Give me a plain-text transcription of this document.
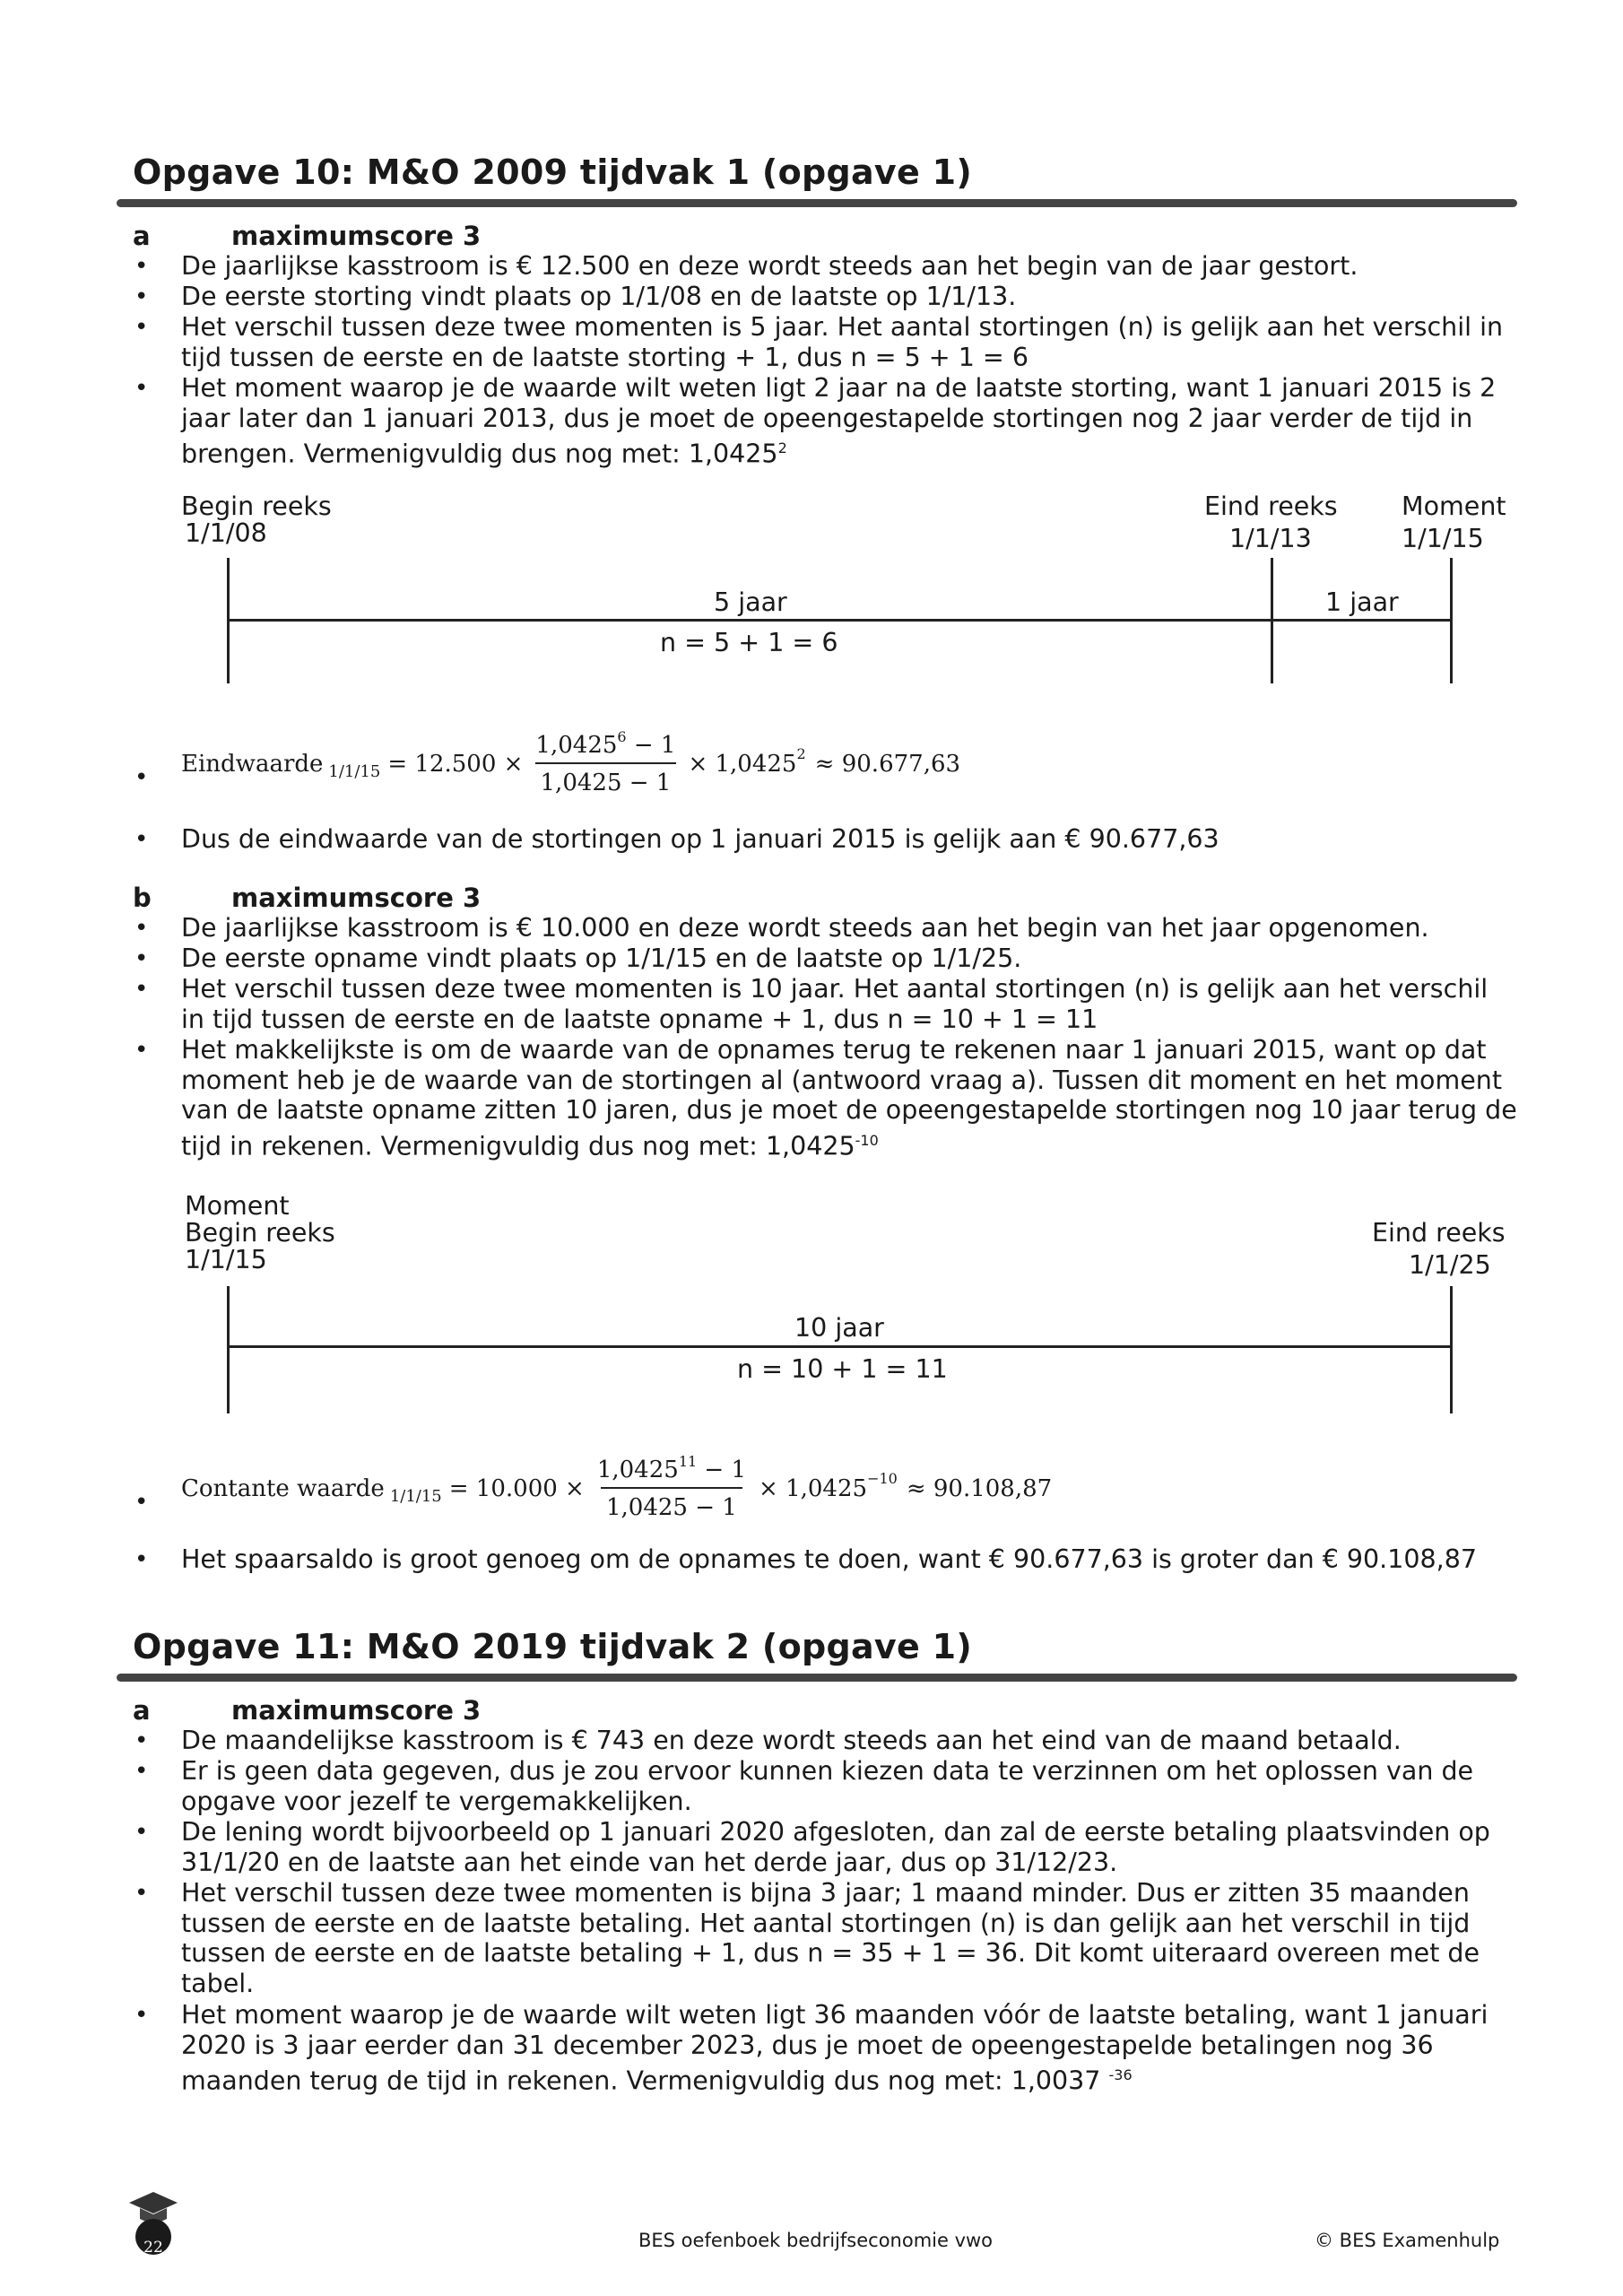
Opgave 10: M&O 2009 tijdvak 1 (opgave 1)
a	maximumscore 3
• De jaarlijkse kasstroom is € 12.500 en deze wordt steeds aan het begin van de jaar gestort.
• De eerste storting vindt plaats op 1/1/08 en de laatste op 1/1/13.
• Het verschil tussen deze twee momenten is 5 jaar. Het aantal stortingen (n) is gelijk aan het verschil in tijd tussen de eerste en de laatste storting + 1, dus n = 5 + 1 = 6
• Het moment waarop je de waarde wilt weten ligt 2 jaar na de laatste storting, want 1 januari 2015 is 2 jaar later dan 1 januari 2013, dus je moet de opeengestapelde stortingen nog 2 jaar verder de tijd in brengen. Vermenigvuldig dus nog met: 1,0425$^2$
Begin reeks
1/1/08
Eind reeks
1/1/13
Moment
1/1/15
5 jaar	1 jaar
n = 5 + 1 = 6
• Eindwaarde $1/1/15 = 12.500 \times \frac{1,0425^6 - 1}{1,0425 - 1} \times 1,0425$ 2 ≈ 90.677,63
• Dus de eindwaarde van de stortingen op 1 januari 2015 is gelijk aan € 90.677,63
b	maximumscore 3
• De jaarlijkse kasstroom is € 10.000 en deze wordt steeds aan het begin van het jaar opgenomen.
• De eerste opname vindt plaats op 1/1/15 en de laatste op 1/1/25.
• Het verschil tussen deze twee momenten is 10 jaar. Het aantal stortingen (n) is gelijk aan het verschil in tijd tussen de eerste en de laatste opname + 1, dus n = 10 + 1 = 11
• Het makkelijkste is om de waarde van de opnames terug te rekenen naar 1 januari 2015, want op dat moment heb je de waarde van de stortingen al (antwoord vraag a). Tussen dit moment en het moment van de laatste opname zitten 10 jaren, dus je moet de opeengestapelde stortingen nog 10 jaar terug de tijd in rekenen. Vermenigvuldig dus nog met: $1,0425^{-10}$
Moment
Begin reeks
1/1/15
Eind reeks
1/1/25
10 jaar
n = 10 + 1 = 11
• Contante waarde $1/1/15 = 10.000 \times \frac{1,0425^{11} - 1}{1,0425 - 1} \times 1,0425 -10 \approx 90.108,87$
• Het spaarsaldo is groot genoeg om de opnames te doen, want € 90.677,63 is groter dan € 90.108,87
Opgave 11: M&O 2019 tijdvak 2 (opgave 1)
a	maximumscore 3
• De maandelijkse kasstroom is € 743 en deze wordt steeds aan het eind van de maand betaald.
• Er is geen data gegeven, dus je zou ervoor kunnen kiezen data te verzinnen om het oplossen van de opgave voor jezelf te vergemakkelijken.
• De lening wordt bijvoorbeeld op 1 januari 2020 afgesloten, dan zal de eerste betaling plaatsvinden op 31/1/20 en de laatste aan het einde van het derde jaar, dus op 31/12/23.
• Het verschil tussen deze twee momenten is bijna 3 jaar; 1 maand minder. Dus er zitten 35 maanden tussen de eerste en de laatste betaling. Het aantal stortingen (n) is dan gelijk aan het verschil in tijd tussen de eerste en de laatste betaling + 1, dus n = 35 + 1 = 36. Dit komt uiteraard overeen met de tabel.
• Het moment waarop je de waarde wilt weten ligt 36 maanden vóór de laatste betaling, want 1 januari 2020 is 3 jaar eerder dan 31 december 2023, dus je moet de opeengestapelde betalingen nog 36 maanden terug de tijd in rekenen. Vermenigvuldig dus nog met: 1,0037 $^{-36}$
22	BES oefenboek bedrijfseconomie vwo	© BES Examenhulp
